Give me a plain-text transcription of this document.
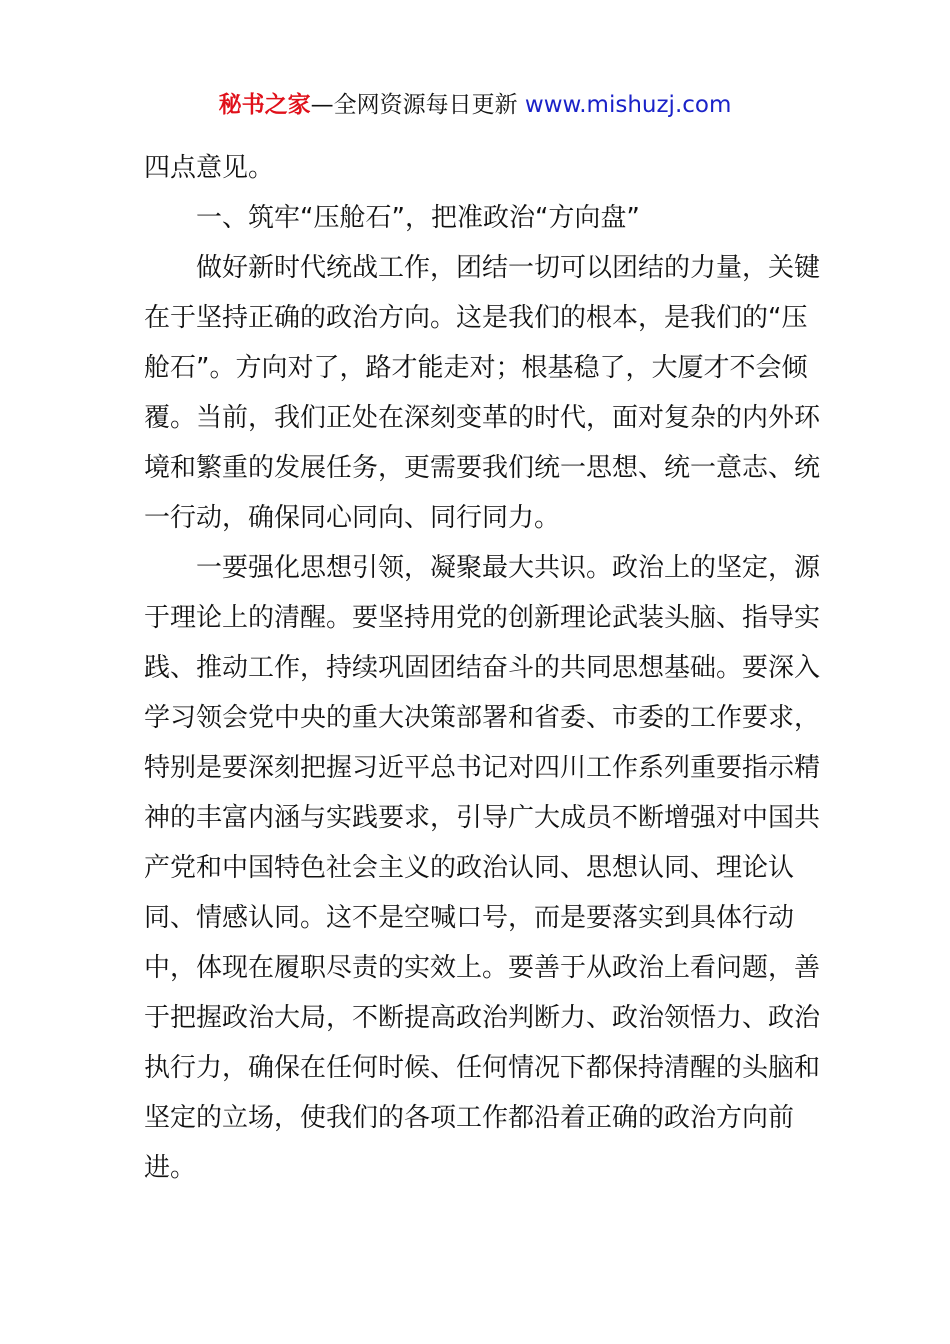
秘书之家—全网资源每日更新 www.mishuzj.com

四点意见。

一、筑牢“压舱石”，把准政治“方向盘”

做好新时代统战工作，团结一切可以团结的力量，关键在于坚持正确的政治方向。这是我们的根本，是我们的“压舱石”。方向对了，路才能走对；根基稳了，大厦才不会倾覆。当前，我们正处在深刻变革的时代，面对复杂的内外环境和繁重的发展任务，更需要我们统一思想、统一意志、统一行动，确保同心同向、同行同力。

一要强化思想引领，凝聚最大共识。政治上的坚定，源于理论上的清醒。要坚持用党的创新理论武装头脑、指导实践、推动工作，持续巩固团结奋斗的共同思想基础。要深入学习领会党中央的重大决策部署和省委、市委的工作要求，特别是要深刻把握习近平总书记对四川工作系列重要指示精神的丰富内涵与实践要求，引导广大成员不断增强对中国共产党和中国特色社会主义的政治认同、思想认同、理论认同、情感认同。这不是空喊口号，而是要落实到具体行动中，体现在履职尽责的实效上。要善于从政治上看问题，善于把握政治大局，不断提高政治判断力、政治领悟力、政治执行力，确保在任何时候、任何情况下都保持清醒的头脑和坚定的立场，使我们的各项工作都沿着正确的政治方向前进。
